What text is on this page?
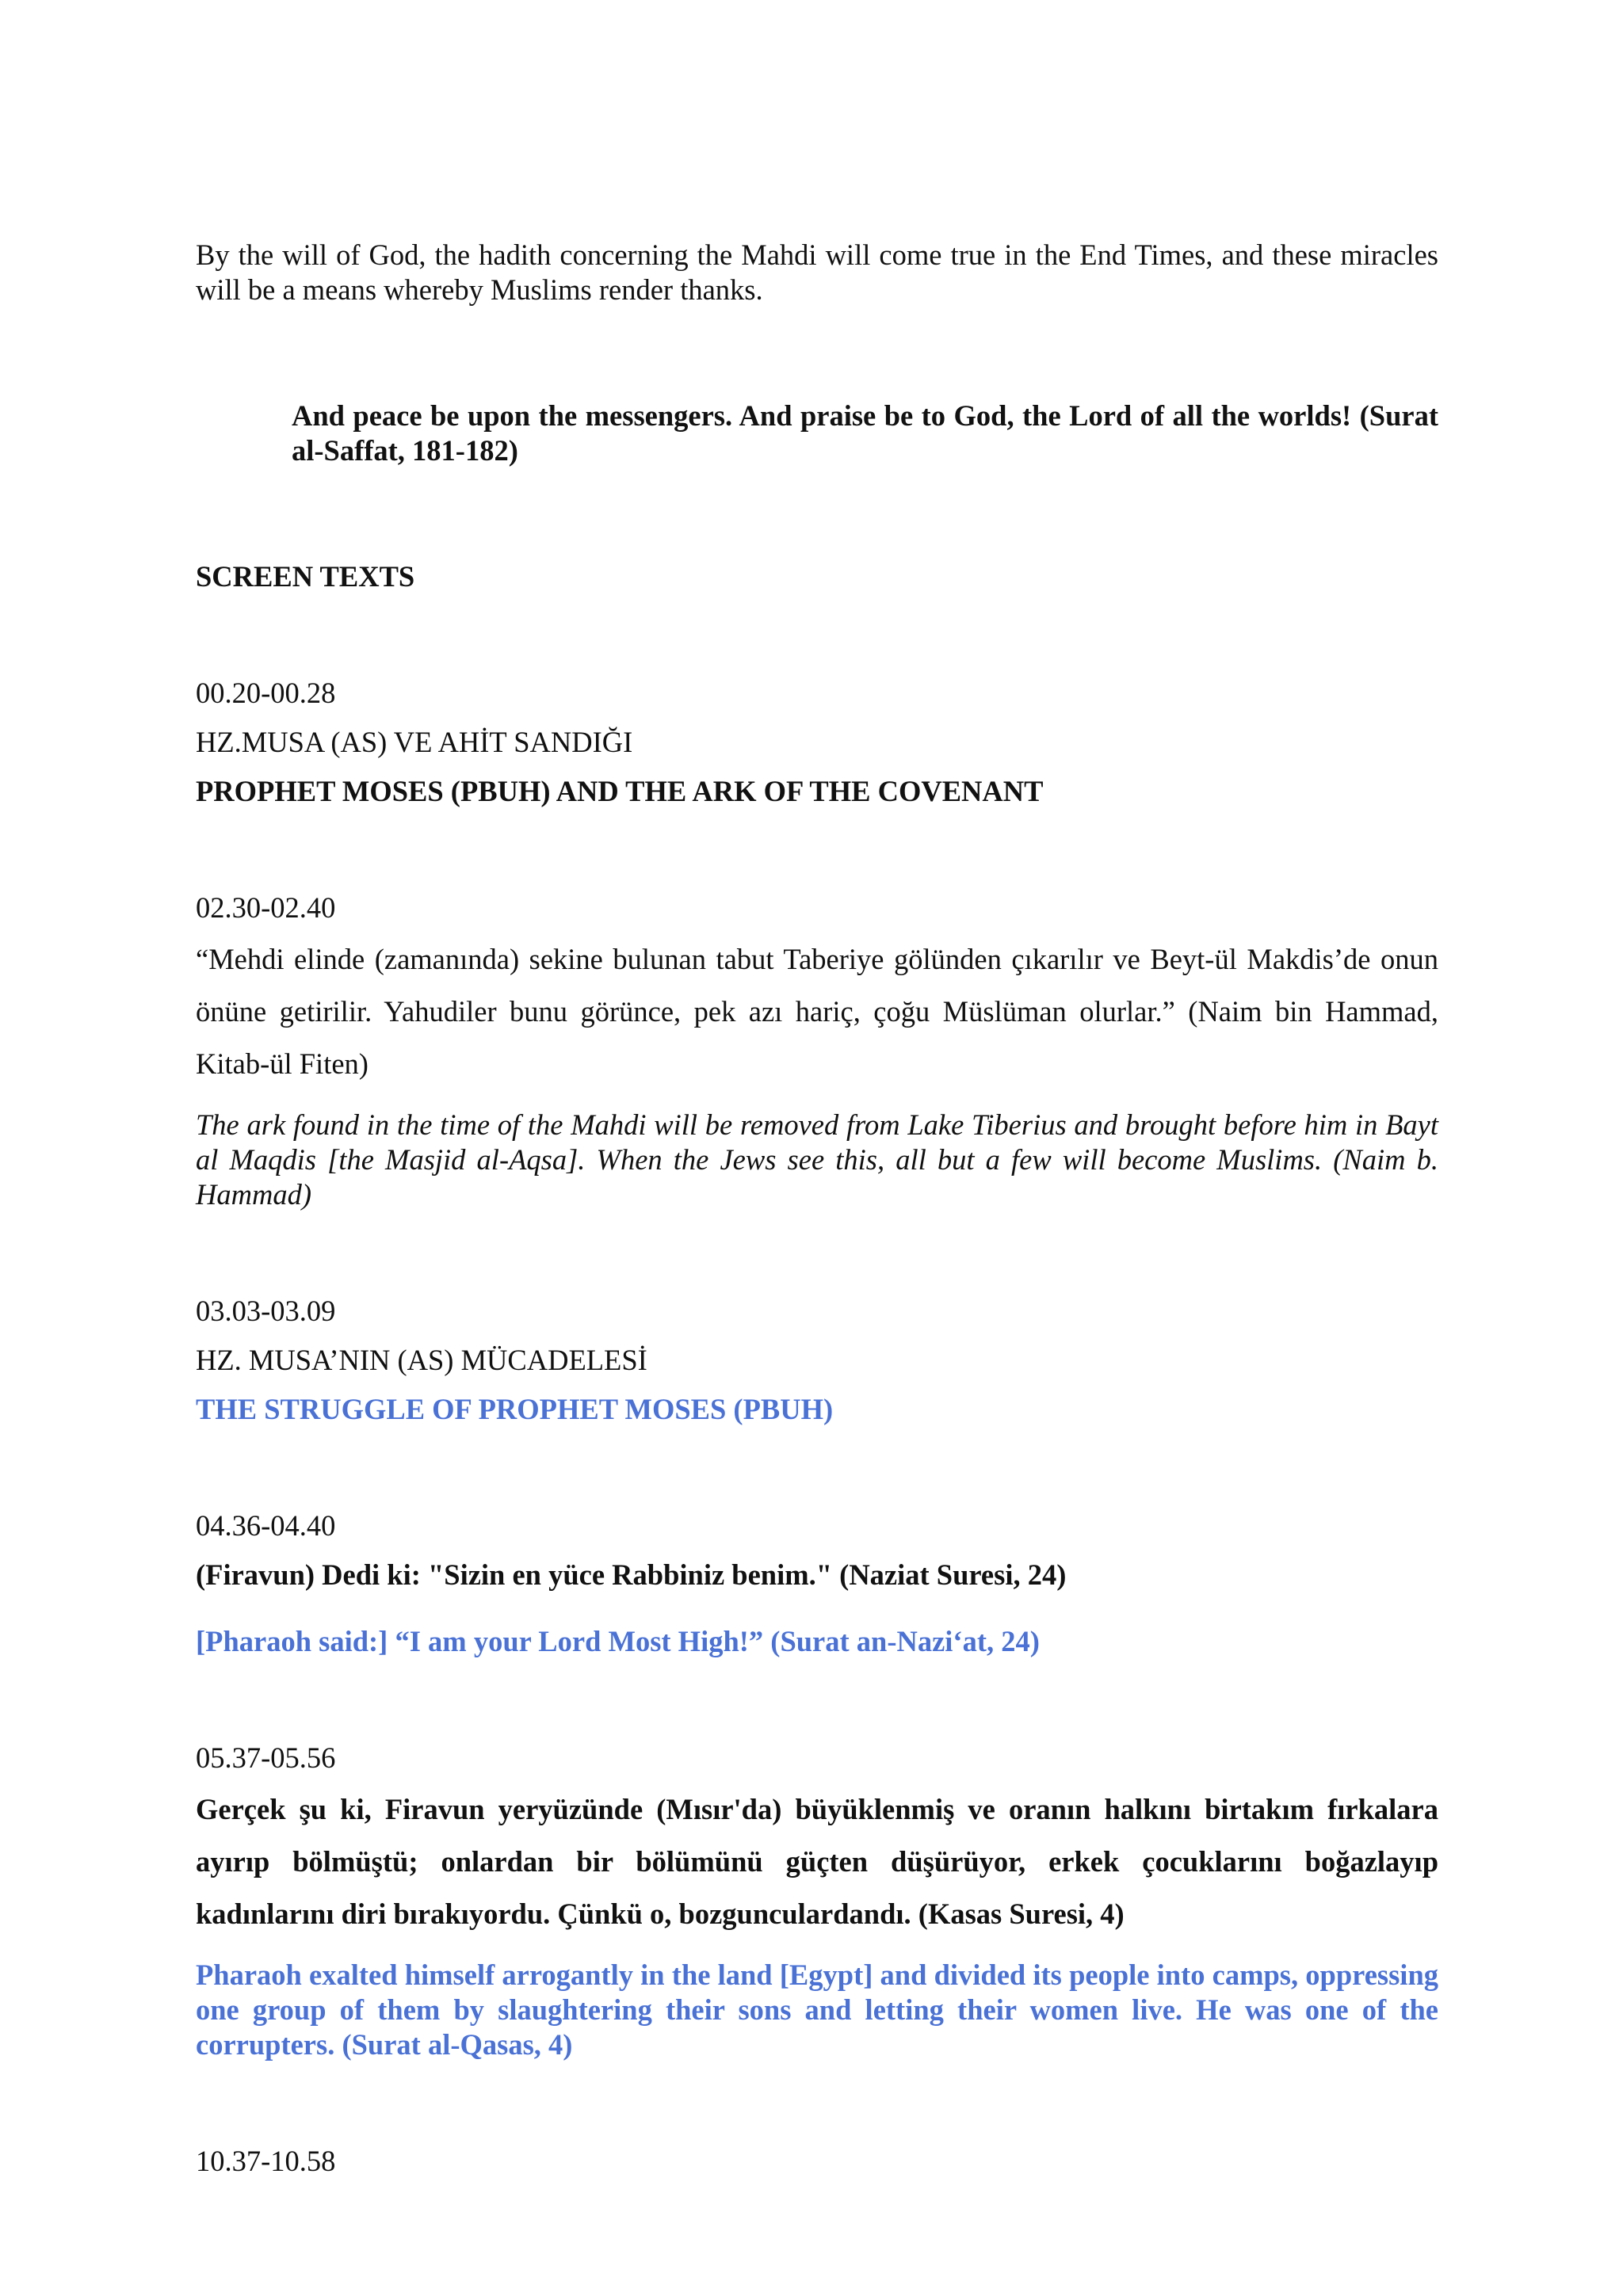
By the will of God, the hadith concerning the Mahdi will come true in the End Times, and these miracles will be a means whereby Muslims render thanks.

And peace be upon the messengers. And praise be to God, the Lord of all the worlds! (Surat al-Saffat, 181-182)

SCREEN TEXTS

00.20-00.28

HZ.MUSA (AS) VE AHİT SANDIĞI

PROPHET MOSES (PBUH) AND THE ARK OF THE COVENANT

02.30-02.40

“Mehdi elinde (zamanında) sekine bulunan tabut Taberiye gölünden çıkarılır ve Beyt-ül Makdis’de onun önüne getirilir. Yahudiler bunu görünce, pek azı hariç, çoğu Müslüman olurlar.” (Naim bin Hammad, Kitab-ül Fiten)

The ark found in the time of the Mahdi will be removed from Lake Tiberius and brought before him in Bayt al Maqdis [the Masjid al-Aqsa]. When the Jews see this, all but a few will become Muslims. (Naim b. Hammad)

03.03-03.09

HZ. MUSA’NIN (AS) MÜCADELESİ

THE STRUGGLE OF PROPHET MOSES (PBUH)

04.36-04.40

(Firavun) Dedi ki: "Sizin en yüce Rabbiniz benim." (Naziat Suresi, 24)

[Pharaoh said:] “I am your Lord Most High!” (Surat an-Nazi‘at, 24)

05.37-05.56

Gerçek şu ki, Firavun yeryüzünde (Mısır'da) büyüklenmiş ve oranın halkını birtakım fırkalara ayırıp bölmüştü; onlardan bir bölümünü güçten düşürüyor, erkek çocuklarını boğazlayıp kadınlarını diri bırakıyordu. Çünkü o, bozgunculardandı. (Kasas Suresi, 4)

Pharaoh exalted himself arrogantly in the land [Egypt] and divided its people into camps, oppressing one group of them by slaughtering their sons and letting their women live. He was one of the corrupters. (Surat al-Qasas, 4)

10.37-10.58
